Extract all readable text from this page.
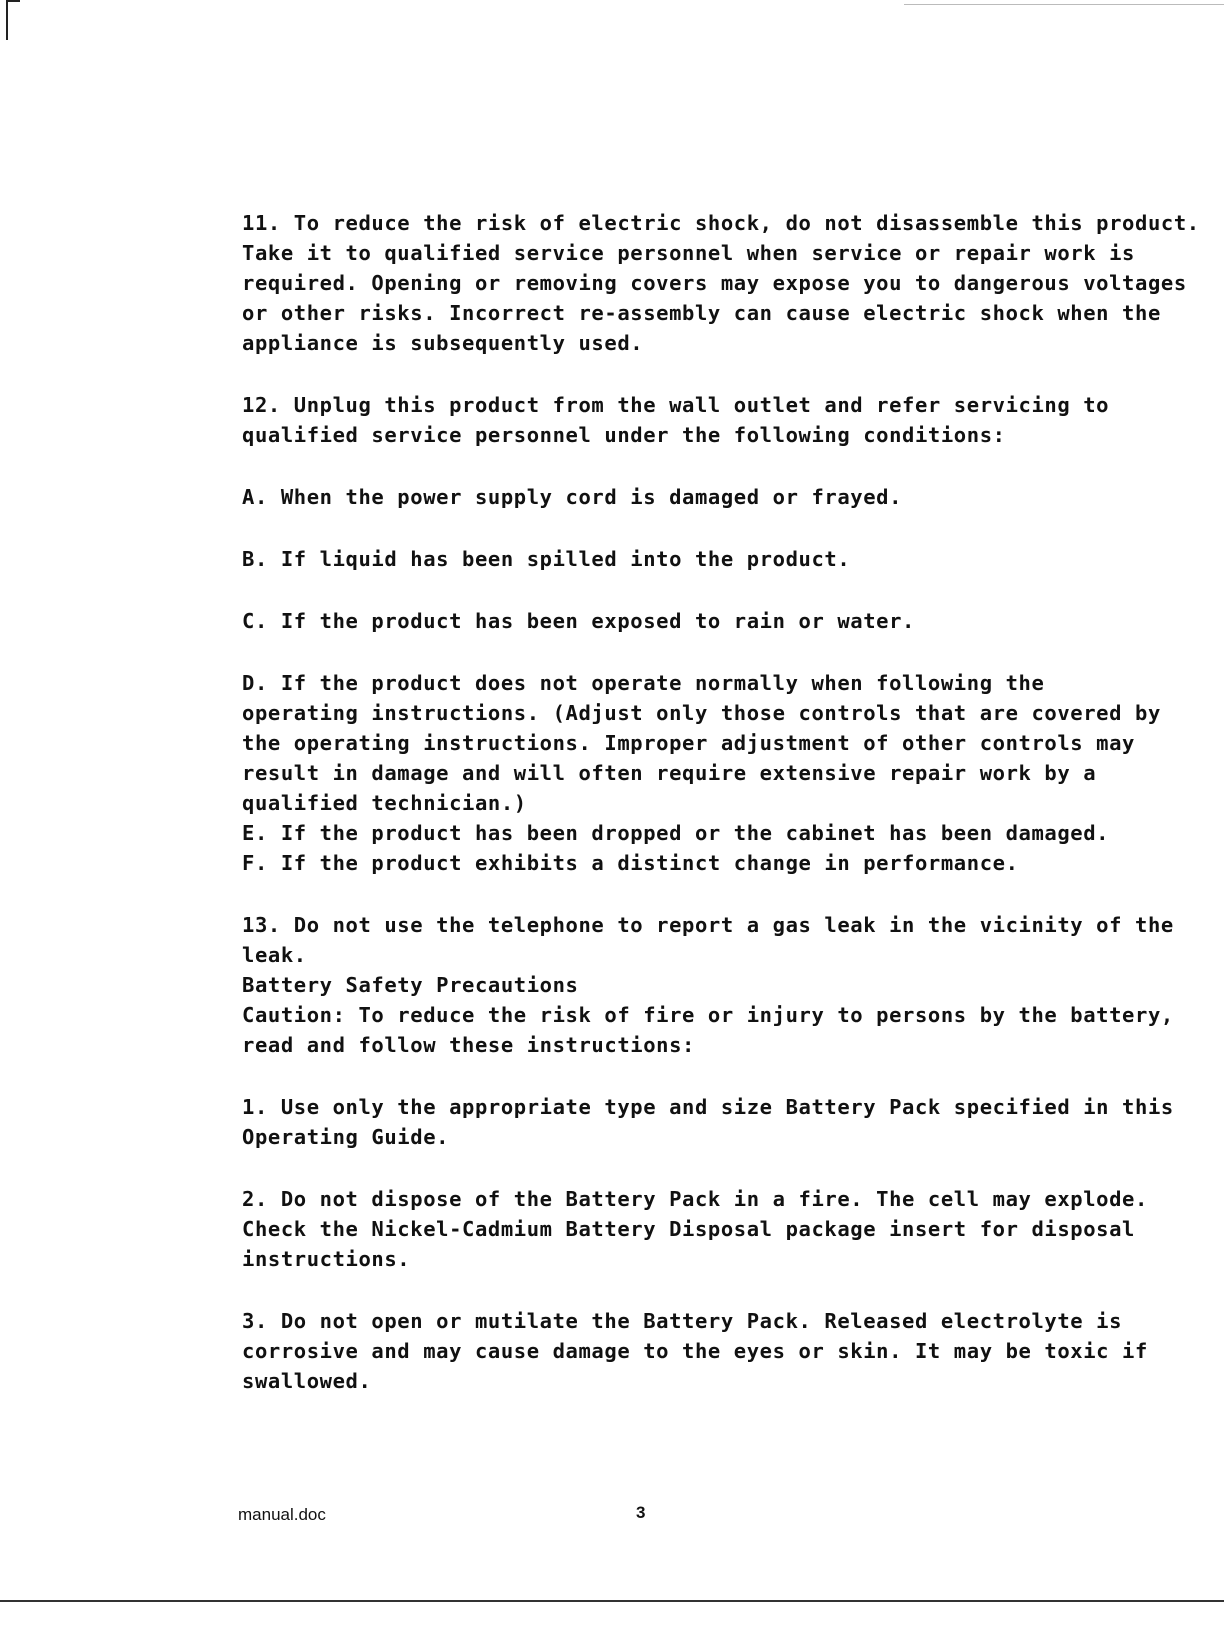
11. To reduce the risk of electric shock, do not disassemble this product.
Take it to qualified service personnel when service or repair work is
required. Opening or removing covers may expose you to dangerous voltages
or other risks. Incorrect re-assembly can cause electric shock when the
appliance is subsequently used.

12. Unplug this product from the wall outlet and refer servicing to
qualified service personnel under the following conditions:

A. When the power supply cord is damaged or frayed.

B. If liquid has been spilled into the product.

C. If the product has been exposed to rain or water.

D. If the product does not operate normally when following the
operating instructions. (Adjust only those controls that are covered by
the operating instructions. Improper adjustment of other controls may
result in damage and will often require extensive repair work by a
qualified technician.)

E. If the product has been dropped or the cabinet has been damaged.

F. If the product exhibits a distinct change in performance.

13. Do not use the telephone to report a gas leak in the vicinity of the
leak.

Battery Safety Precautions

Caution: To reduce the risk of fire or injury to persons by the battery,
read and follow these instructions:

1. Use only the appropriate type and size Battery Pack specified in this
Operating Guide.

2. Do not dispose of the Battery Pack in a fire. The cell may explode.
Check the Nickel-Cadmium Battery Disposal package insert for disposal
instructions.

3. Do not open or mutilate the Battery Pack. Released electrolyte is
corrosive and may cause damage to the eyes or skin. It may be toxic if
swallowed.

manual.doc	3
